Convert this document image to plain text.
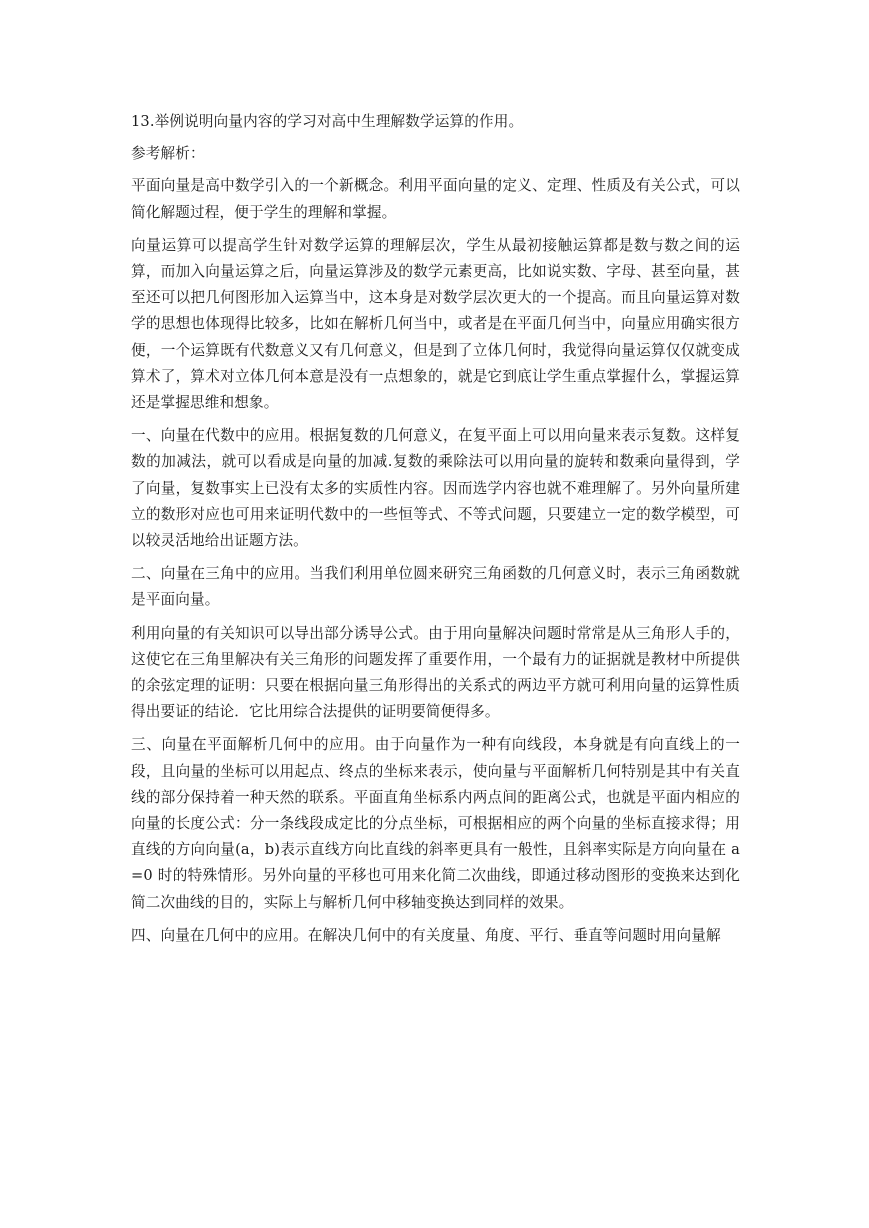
13.举例说明向量内容的学习对高中生理解数学运算的作用。

参考解析：

平面向量是高中数学引入的一个新概念。利用平面向量的定义、定理、性质及有关公式，可以简化解题过程，便于学生的理解和掌握。

向量运算可以提高学生针对数学运算的理解层次，学生从最初接触运算都是数与数之间的运算，而加入向量运算之后，向量运算涉及的数学元素更高，比如说实数、字母、甚至向量，甚至还可以把几何图形加入运算当中，这本身是对数学层次更大的一个提高。而且向量运算对数学的思想也体现得比较多，比如在解析几何当中，或者是在平面几何当中，向量应用确实很方便，一个运算既有代数意义又有几何意义，但是到了立体几何时，我觉得向量运算仅仅就变成算术了，算术对立体几何本意是没有一点想象的，就是它到底让学生重点掌握什么，掌握运算还是掌握思维和想象。

一、向量在代数中的应用。根据复数的几何意义，在复平面上可以用向量来表示复数。这样复数的加减法，就可以看成是向量的加减.复数的乘除法可以用向量的旋转和数乘向量得到，学了向量，复数事实上已没有太多的实质性内容。因而选学内容也就不难理解了。另外向量所建立的数形对应也可用来证明代数中的一些恒等式、不等式问题，只要建立一定的数学模型，可以较灵活地给出证题方法。

二、向量在三角中的应用。当我们利用单位圆来研究三角函数的几何意义时，表示三角函数就是平面向量。

利用向量的有关知识可以导出部分诱导公式。由于用向量解决问题时常常是从三角形人手的，这使它在三角里解决有关三角形的问题发挥了重要作用，一个最有力的证据就是教材中所提供的余弦定理的证明：只要在根据向量三角形得出的关系式的两边平方就可利用向量的运算性质得出要证的结论．它比用综合法提供的证明要简便得多。

三、向量在平面解析几何中的应用。由于向量作为一种有向线段，本身就是有向直线上的一段，且向量的坐标可以用起点、终点的坐标来表示，使向量与平面解析几何特别是其中有关直线的部分保持着一种天然的联系。平面直角坐标系内两点间的距离公式，也就是平面内相应的向量的长度公式：分一条线段成定比的分点坐标，可根据相应的两个向量的坐标直接求得；用直线的方向向量(a，b)表示直线方向比直线的斜率更具有一般性，且斜率实际是方向向量在 a=0 时的特殊情形。另外向量的平移也可用来化简二次曲线，即通过移动图形的变换来达到化简二次曲线的目的，实际上与解析几何中移轴变换达到同样的效果。

四、向量在几何中的应用。在解决几何中的有关度量、角度、平行、垂直等问题时用向量解
